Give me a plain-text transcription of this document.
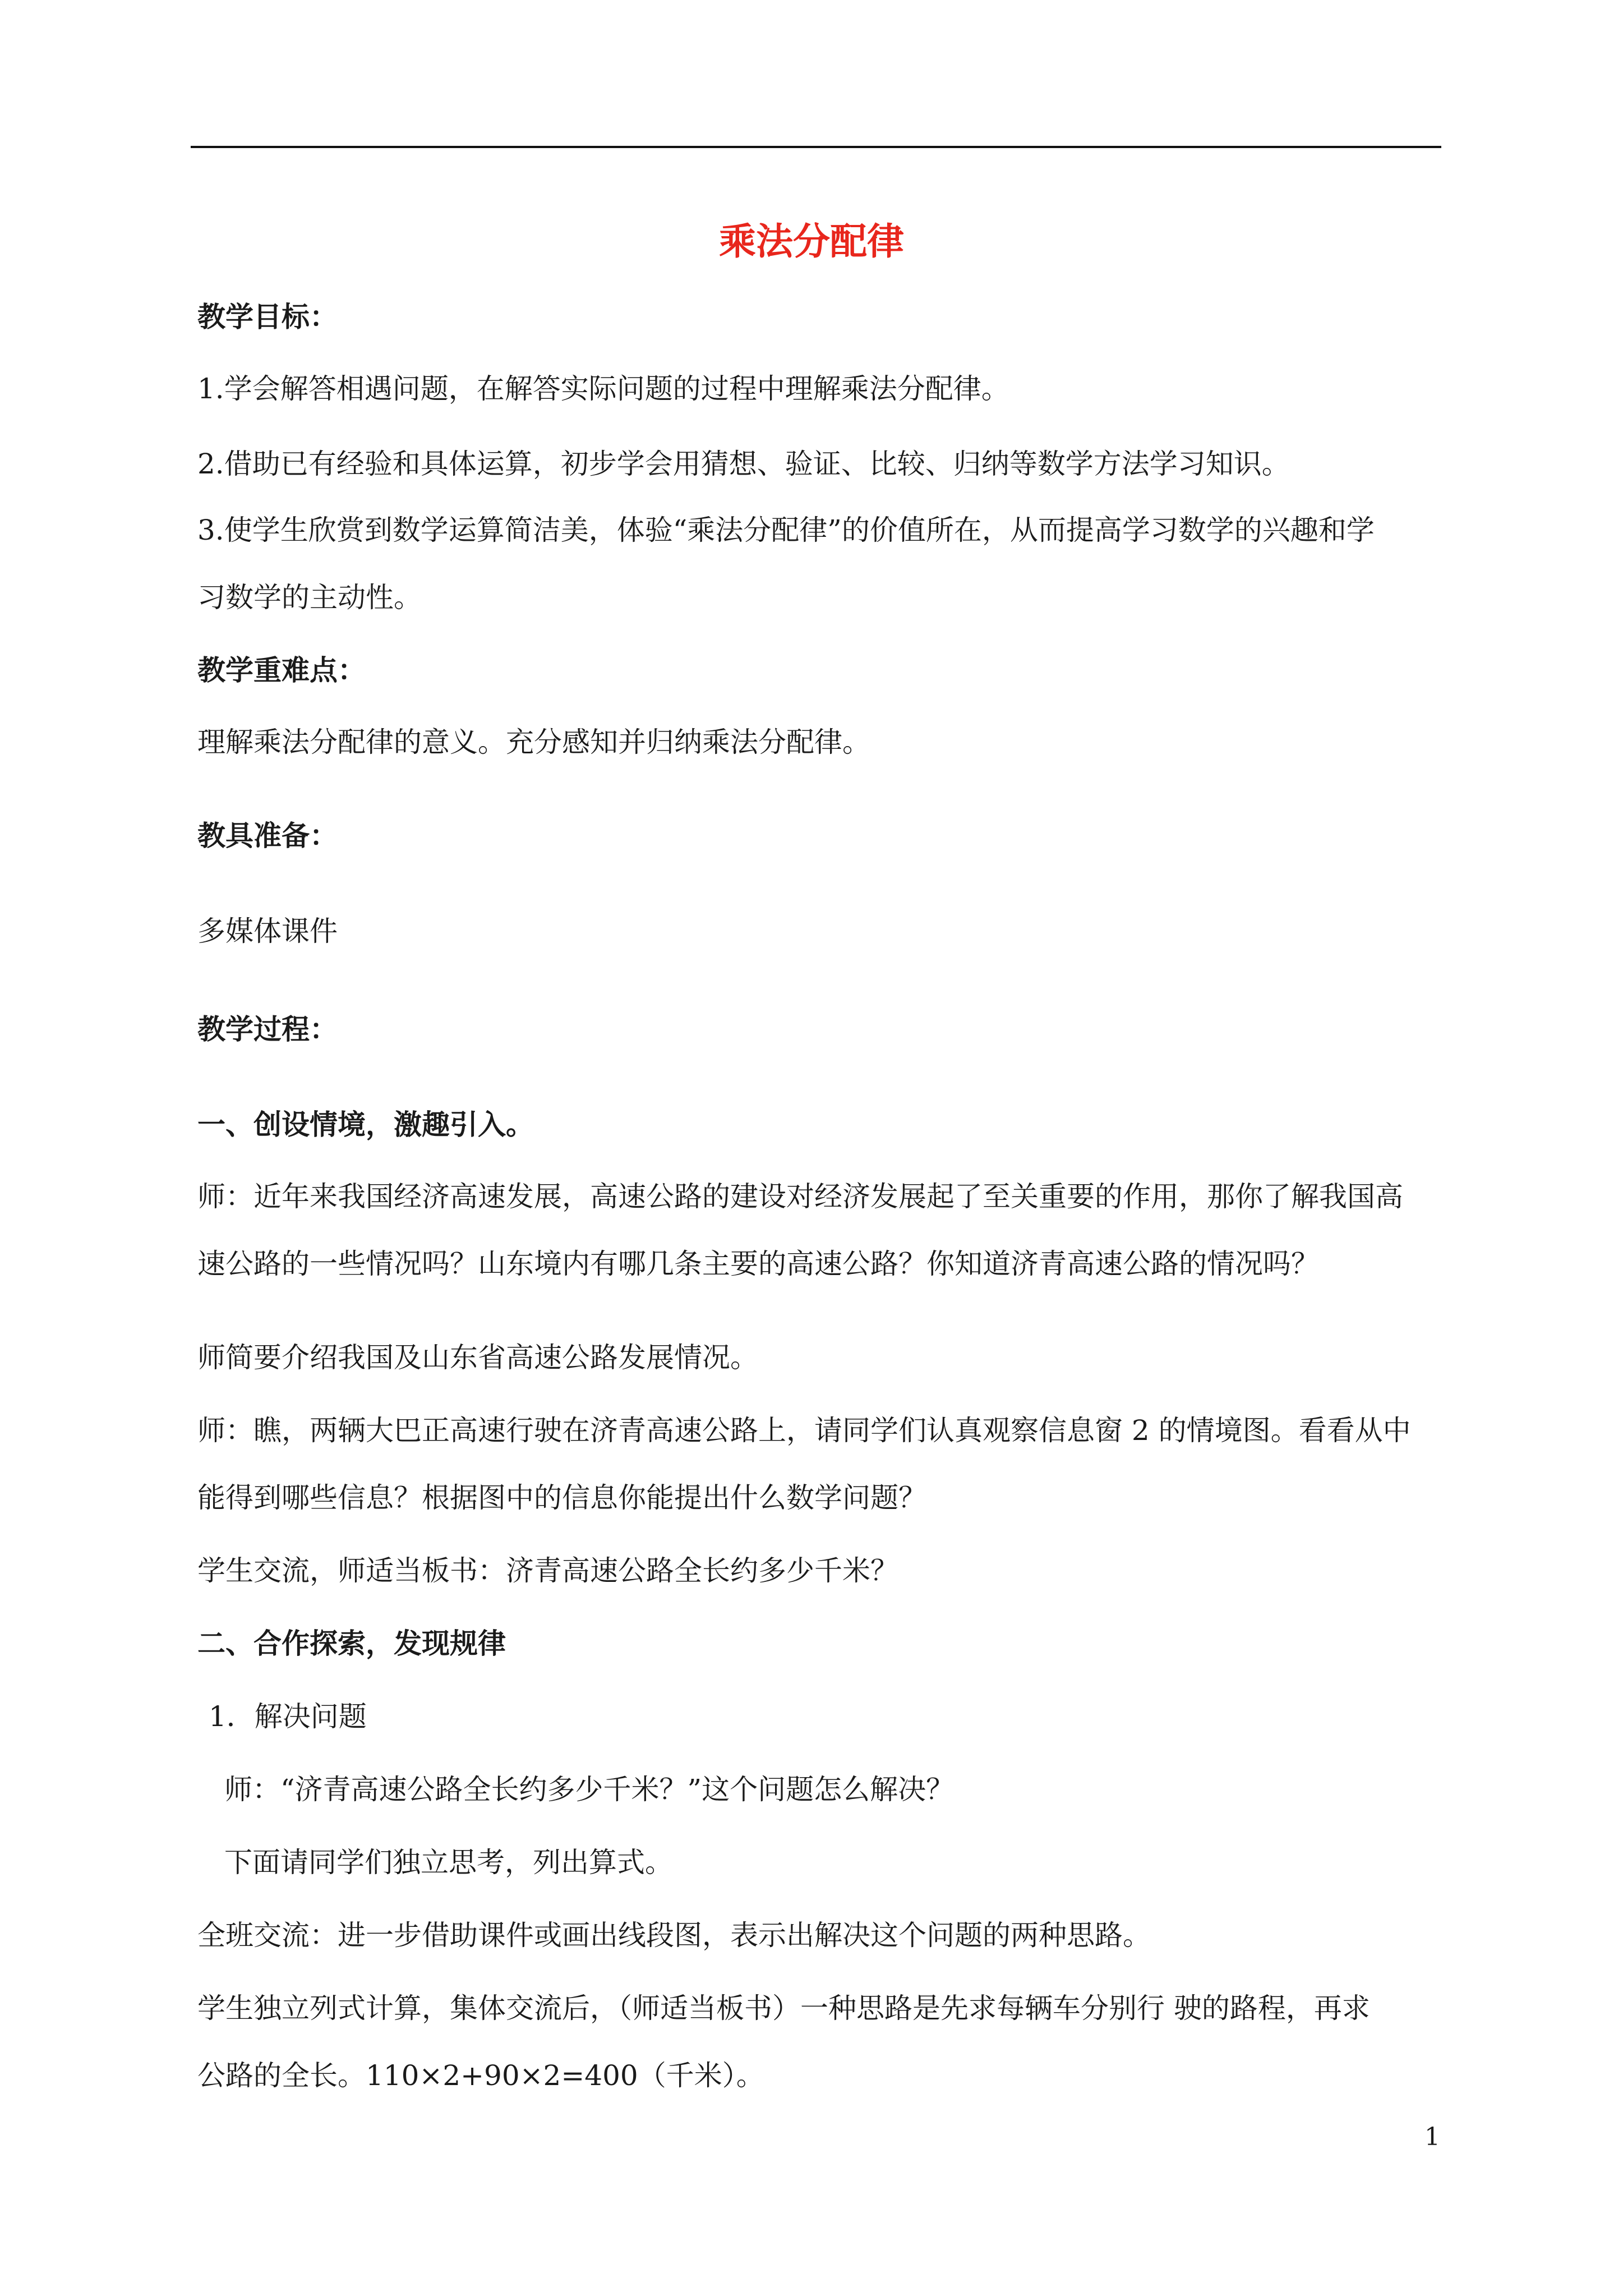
乘法分配律

教学目标：

1.学会解答相遇问题，在解答实际问题的过程中理解乘法分配律。

2.借助已有经验和具体运算，初步学会用猜想、验证、比较、归纳等数学方法学习知识。

3.使学生欣赏到数学运算简洁美，体验“乘法分配律”的价值所在，从而提高学习数学的兴趣和学

习数学的主动性。

教学重难点：

理解乘法分配律的意义。充分感知并归纳乘法分配律。

教具准备：

多媒体课件

教学过程：

一、创设情境，激趣引入。

师：近年来我国经济高速发展，高速公路的建设对经济发展起了至关重要的作用，那你了解我国高

速公路的一些情况吗？山东境内有哪几条主要的高速公路？你知道济青高速公路的情况吗？

师简要介绍我国及山东省高速公路发展情况。

师：瞧，两辆大巴正高速行驶在济青高速公路上，请同学们认真观察信息窗 2 的情境图。看看从中

能得到哪些信息？根据图中的信息你能提出什么数学问题？

学生交流，师适当板书：济青高速公路全长约多少千米？

二、合作探索，发现规律

1．解决问题

师：“济青高速公路全长约多少千米？”这个问题怎么解决？

下面请同学们独立思考，列出算式。

全班交流：进一步借助课件或画出线段图，表示出解决这个问题的两种思路。

学生独立列式计算，集体交流后，（师适当板书）一种思路是先求每辆车分别行 驶的路程，再求

公路的全长。110×2+90×2=400（千米）。

1
